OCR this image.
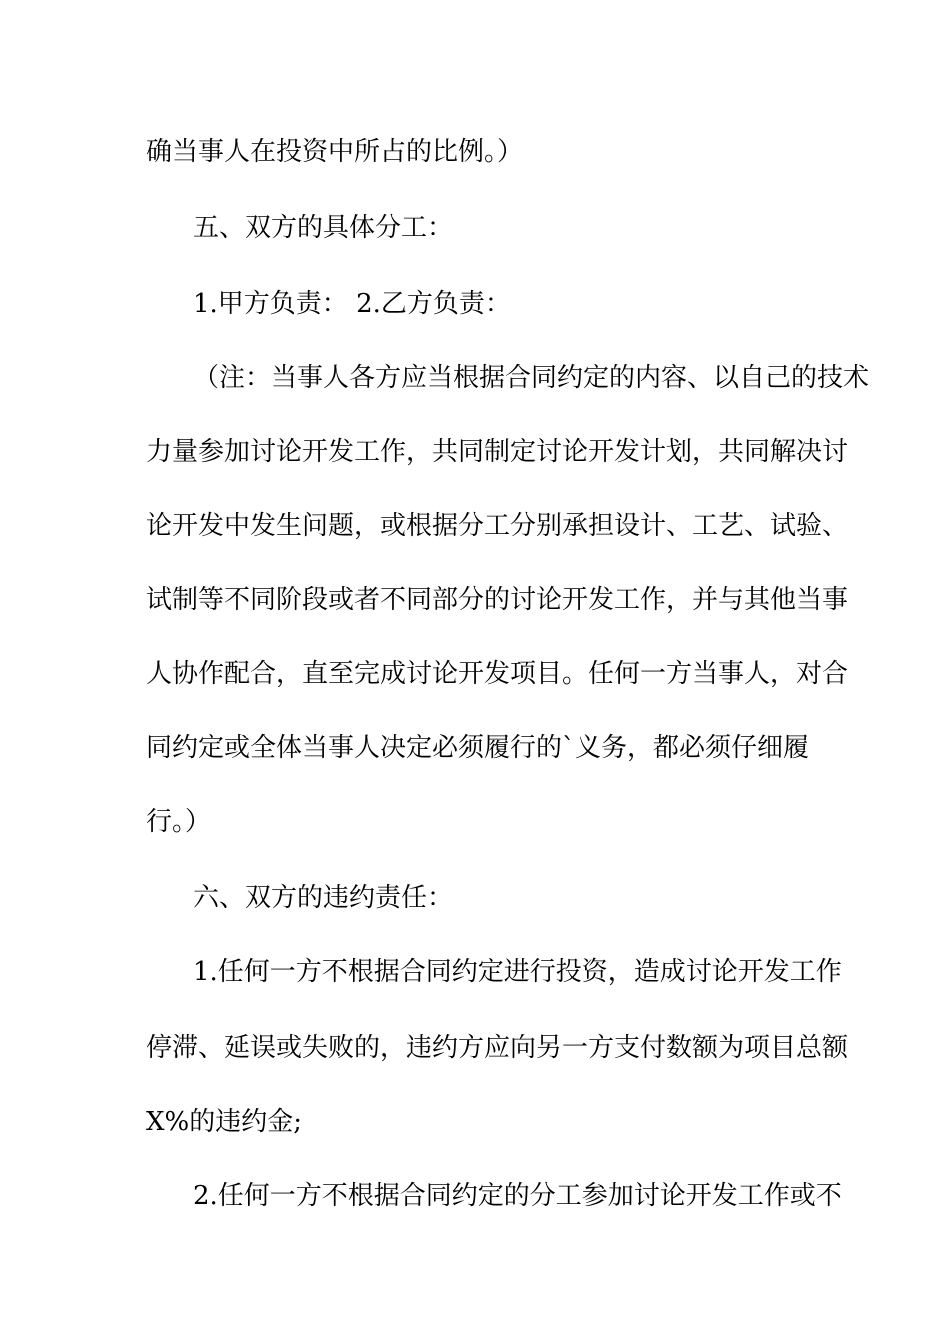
确当事人在投资中所占的比例。）
五、双方的具体分工：
1.甲方负责： 2.乙方负责：
（注：当事人各方应当根据合同约定的内容、以自己的技术
力量参加讨论开发工作，共同制定讨论开发计划，共同解决讨
论开发中发生问题，或根据分工分别承担设计、工艺、试验、
试制等不同阶段或者不同部分的讨论开发工作，并与其他当事
人协作配合，直至完成讨论开发项目。任何一方当事人，对合
同约定或全体当事人决定必须履行的`义务，都必须仔细履
行。）
六、双方的违约责任：
1.任何一方不根据合同约定进行投资，造成讨论开发工作
停滞、延误或失败的，违约方应向另一方支付数额为项目总额
X%的违约金;
2.任何一方不根据合同约定的分工参加讨论开发工作或不
